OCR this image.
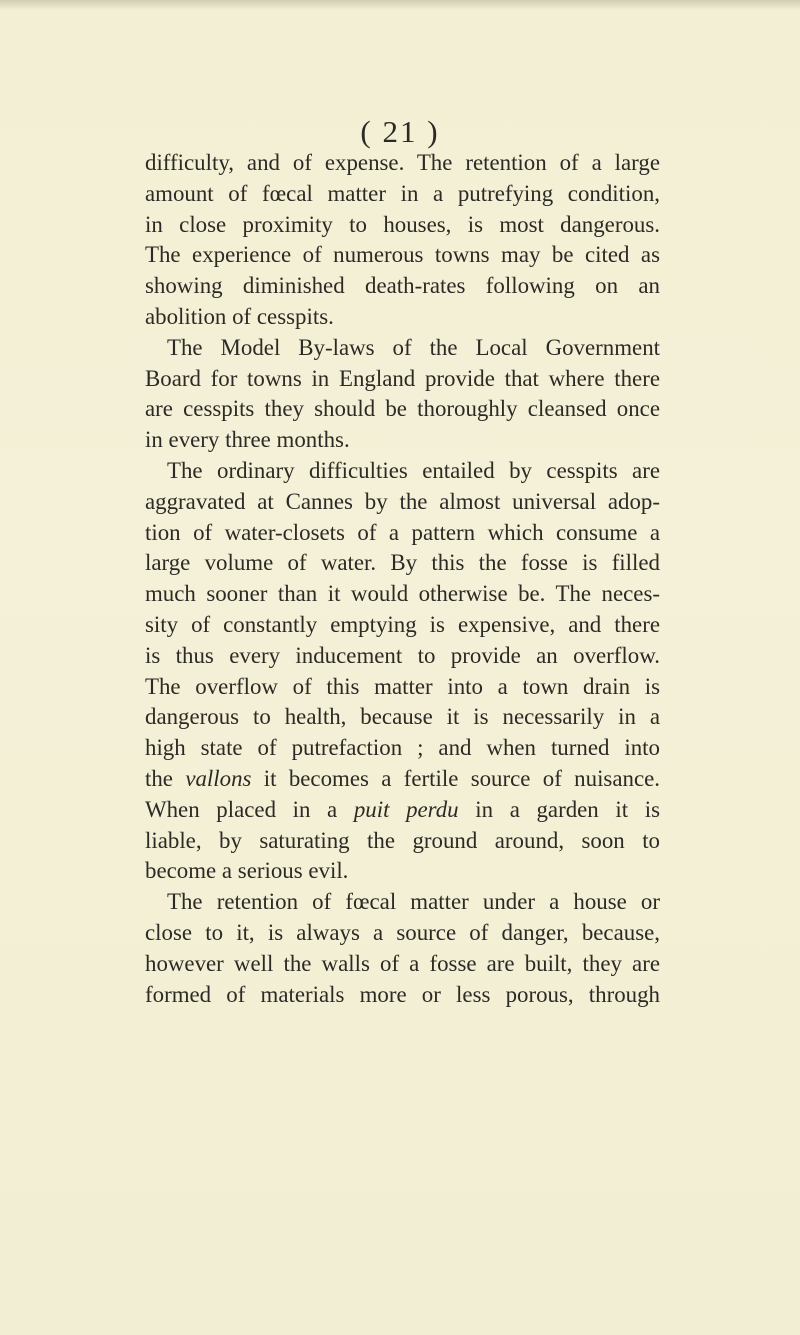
( 21 )
difficulty, and of expense. The retention of a large
amount of fœcal matter in a putrefying condition,
in close proximity to houses, is most dangerous.
The experience of numerous towns may be cited as
showing diminished death-rates following on an
abolition of cesspits.
The Model By-laws of the Local Government
Board for towns in England provide that where there
are cesspits they should be thoroughly cleansed once
in every three months.
The ordinary difficulties entailed by cesspits are
aggravated at Cannes by the almost universal adop-
tion of water-closets of a pattern which consume a
large volume of water. By this the fosse is filled
much sooner than it would otherwise be. The neces-
sity of constantly emptying is expensive, and there
is thus every inducement to provide an overflow.
The overflow of this matter into a town drain is
dangerous to health, because it is necessarily in a
high state of putrefaction ; and when turned into
the vallons it becomes a fertile source of nuisance.
When placed in a puit perdu in a garden it is
liable, by saturating the ground around, soon to
become a serious evil.
The retention of fœcal matter under a house or
close to it, is always a source of danger, because,
however well the walls of a fosse are built, they are
formed of materials more or less porous, through
